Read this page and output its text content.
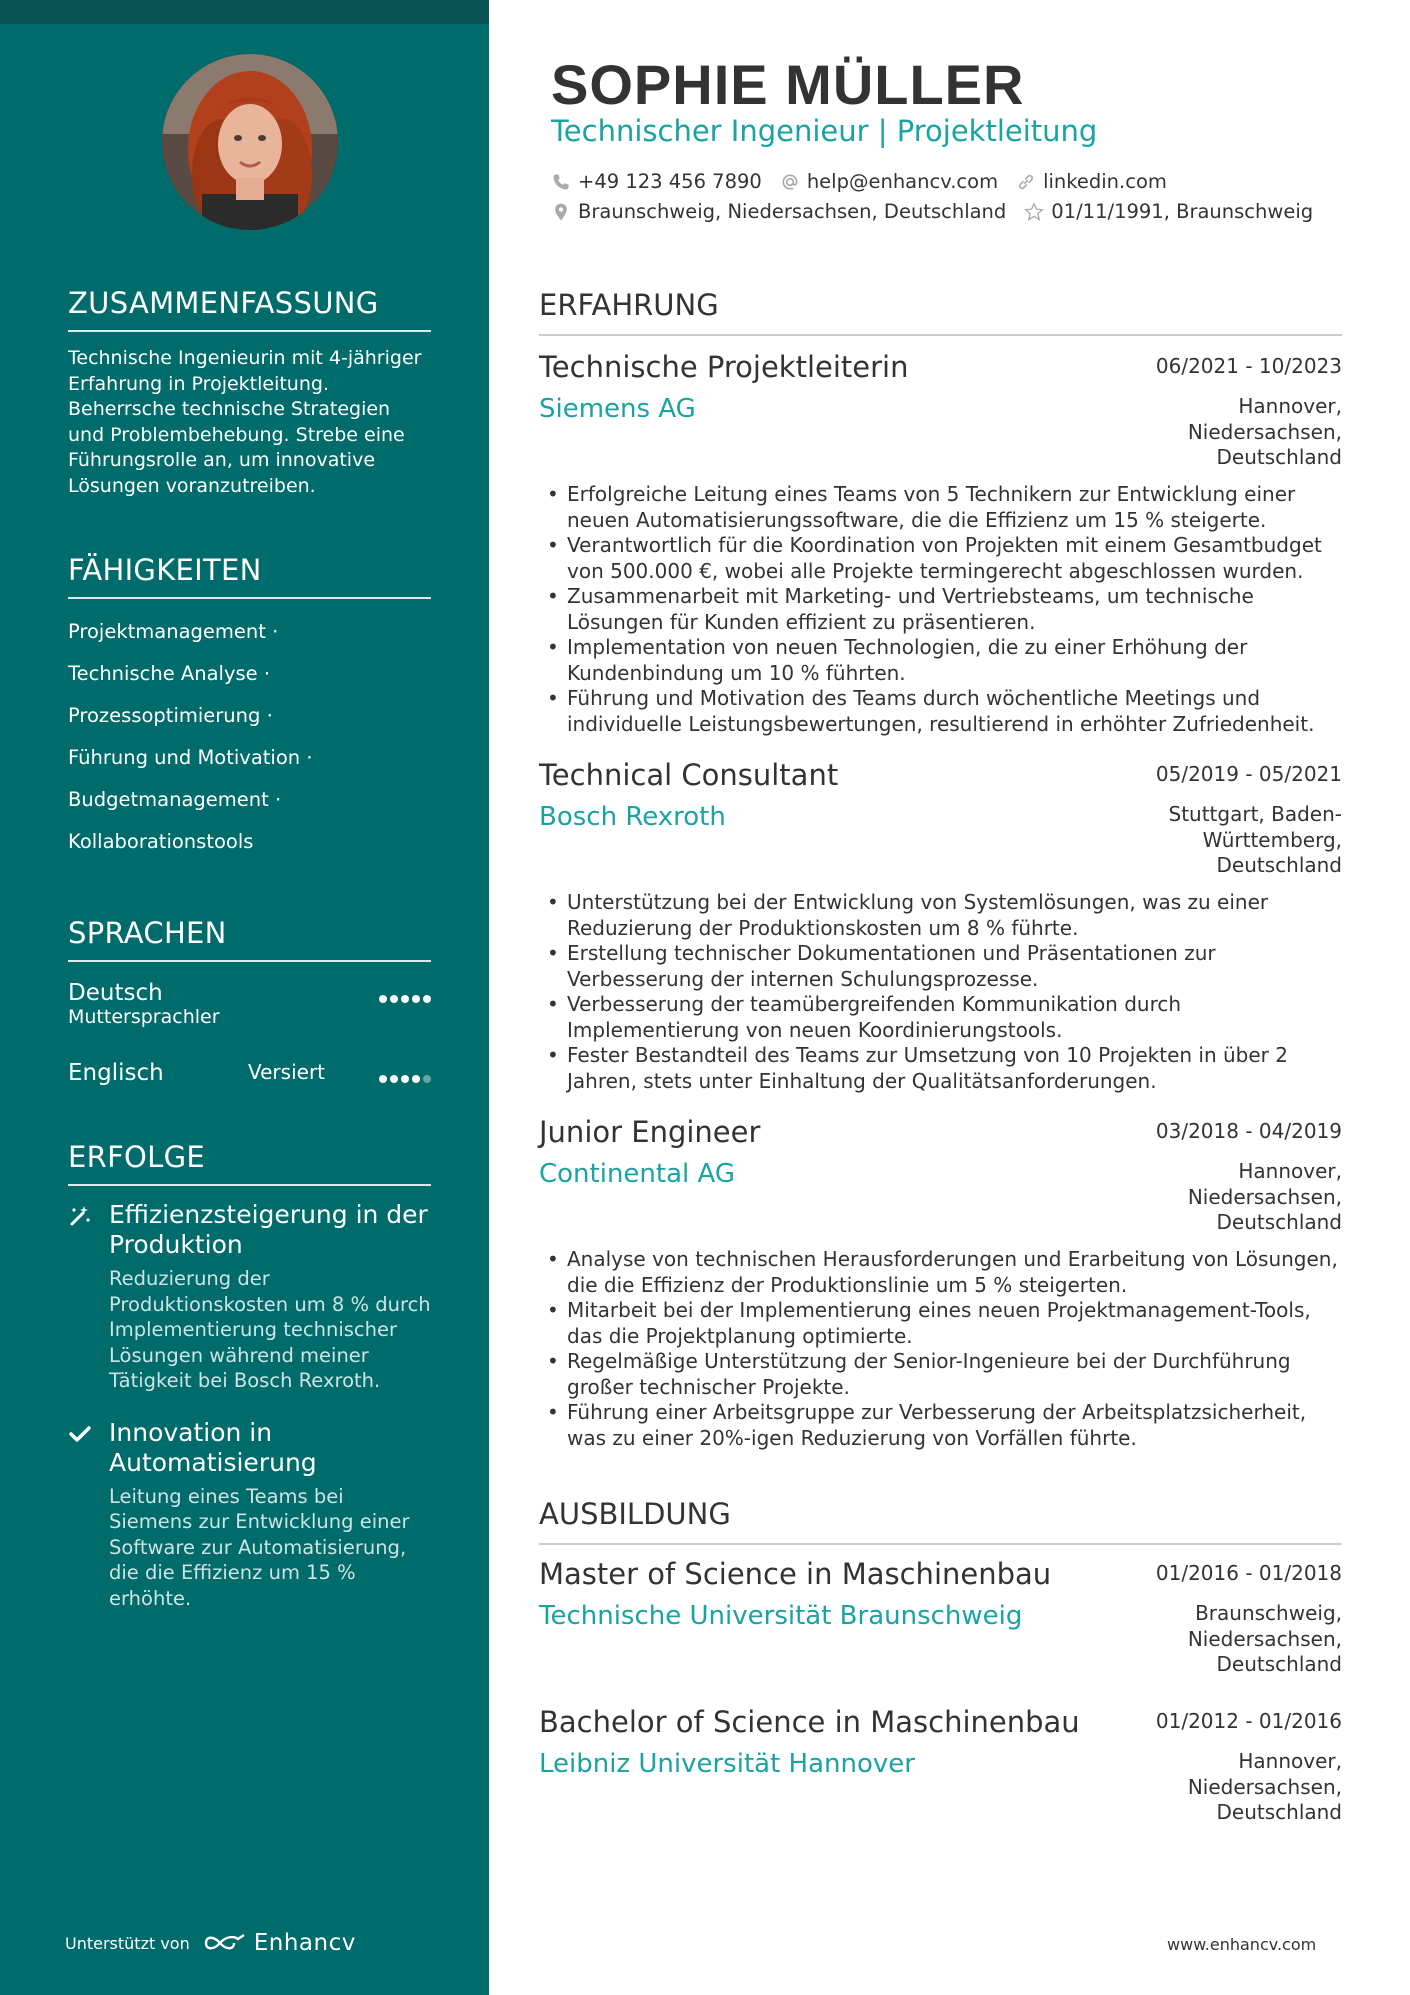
ZUSAMMENFASSUNG
Technische Ingenieurin mit 4-jähriger Erfahrung in Projektleitung. Beherrsche technische Strategien und Problembehebung. Strebe eine Führungsrolle an, um innovative Lösungen voranzutreiben.
FÄHIGKEITEN
Projektmanagement ·
Technische Analyse ·
Prozessoptimierung ·
Führung und Motivation ·
Budgetmanagement ·
Kollaborationstools
SPRACHEN
Deutsch
Muttersprachler
Englisch	Versiert
ERFOLGE
Effizienzsteigerung in der Produktion
Reduzierung der Produktionskosten um 8 % durch Implementierung technischer Lösungen während meiner Tätigkeit bei Bosch Rexroth.
Innovation in Automatisierung
Leitung eines Teams bei Siemens zur Entwicklung einer Software zur Automatisierung, die die Effizienz um 15 % erhöhte.
Unterstützt von	Enhancv
SOPHIE MÜLLER
Technischer Ingenieur | Projektleitung
+49 123 456 7890 help@enhancv.com linkedin.com
Braunschweig, Niedersachsen, Deutschland 01/11/1991, Braunschweig
ERFAHRUNG
Technische Projektleiterin	06/2021 - 10/2023
Siemens AG	Hannover, Niedersachsen, Deutschland
• Erfolgreiche Leitung eines Teams von 5 Technikern zur Entwicklung einer neuen Automatisierungssoftware, die die Effizienz um 15 % steigerte.
• Verantwortlich für die Koordination von Projekten mit einem Gesamtbudget von 500.000 €, wobei alle Projekte termingerecht abgeschlossen wurden.
• Zusammenarbeit mit Marketing- und Vertriebsteams, um technische Lösungen für Kunden effizient zu präsentieren.
• Implementation von neuen Technologien, die zu einer Erhöhung der Kundenbindung um 10 % führten.
• Führung und Motivation des Teams durch wöchentliche Meetings und individuelle Leistungsbewertungen, resultierend in erhöhter Zufriedenheit.
Technical Consultant	05/2019 - 05/2021
Bosch Rexroth	Stuttgart, Baden-Württemberg, Deutschland
• Unterstützung bei der Entwicklung von Systemlösungen, was zu einer Reduzierung der Produktionskosten um 8 % führte.
• Erstellung technischer Dokumentationen und Präsentationen zur Verbesserung der internen Schulungsprozesse.
• Verbesserung der teamübergreifenden Kommunikation durch Implementierung von neuen Koordinierungstools.
• Fester Bestandteil des Teams zur Umsetzung von 10 Projekten in über 2 Jahren, stets unter Einhaltung der Qualitätsanforderungen.
Junior Engineer	03/2018 - 04/2019
Continental AG	Hannover, Niedersachsen, Deutschland
• Analyse von technischen Herausforderungen und Erarbeitung von Lösungen, die die Effizienz der Produktionslinie um 5 % steigerten.
• Mitarbeit bei der Implementierung eines neuen Projektmanagement-Tools, das die Projektplanung optimierte.
• Regelmäßige Unterstützung der Senior-Ingenieure bei der Durchführung großer technischer Projekte.
• Führung einer Arbeitsgruppe zur Verbesserung der Arbeitsplatzsicherheit, was zu einer 20%-igen Reduzierung von Vorfällen führte.
AUSBILDUNG
Master of Science in Maschinenbau	01/2016 - 01/2018
Technische Universität Braunschweig	Braunschweig, Niedersachsen, Deutschland
Bachelor of Science in Maschinenbau	01/2012 - 01/2016
Leibniz Universität Hannover	Hannover, Niedersachsen, Deutschland
www.enhancv.com
